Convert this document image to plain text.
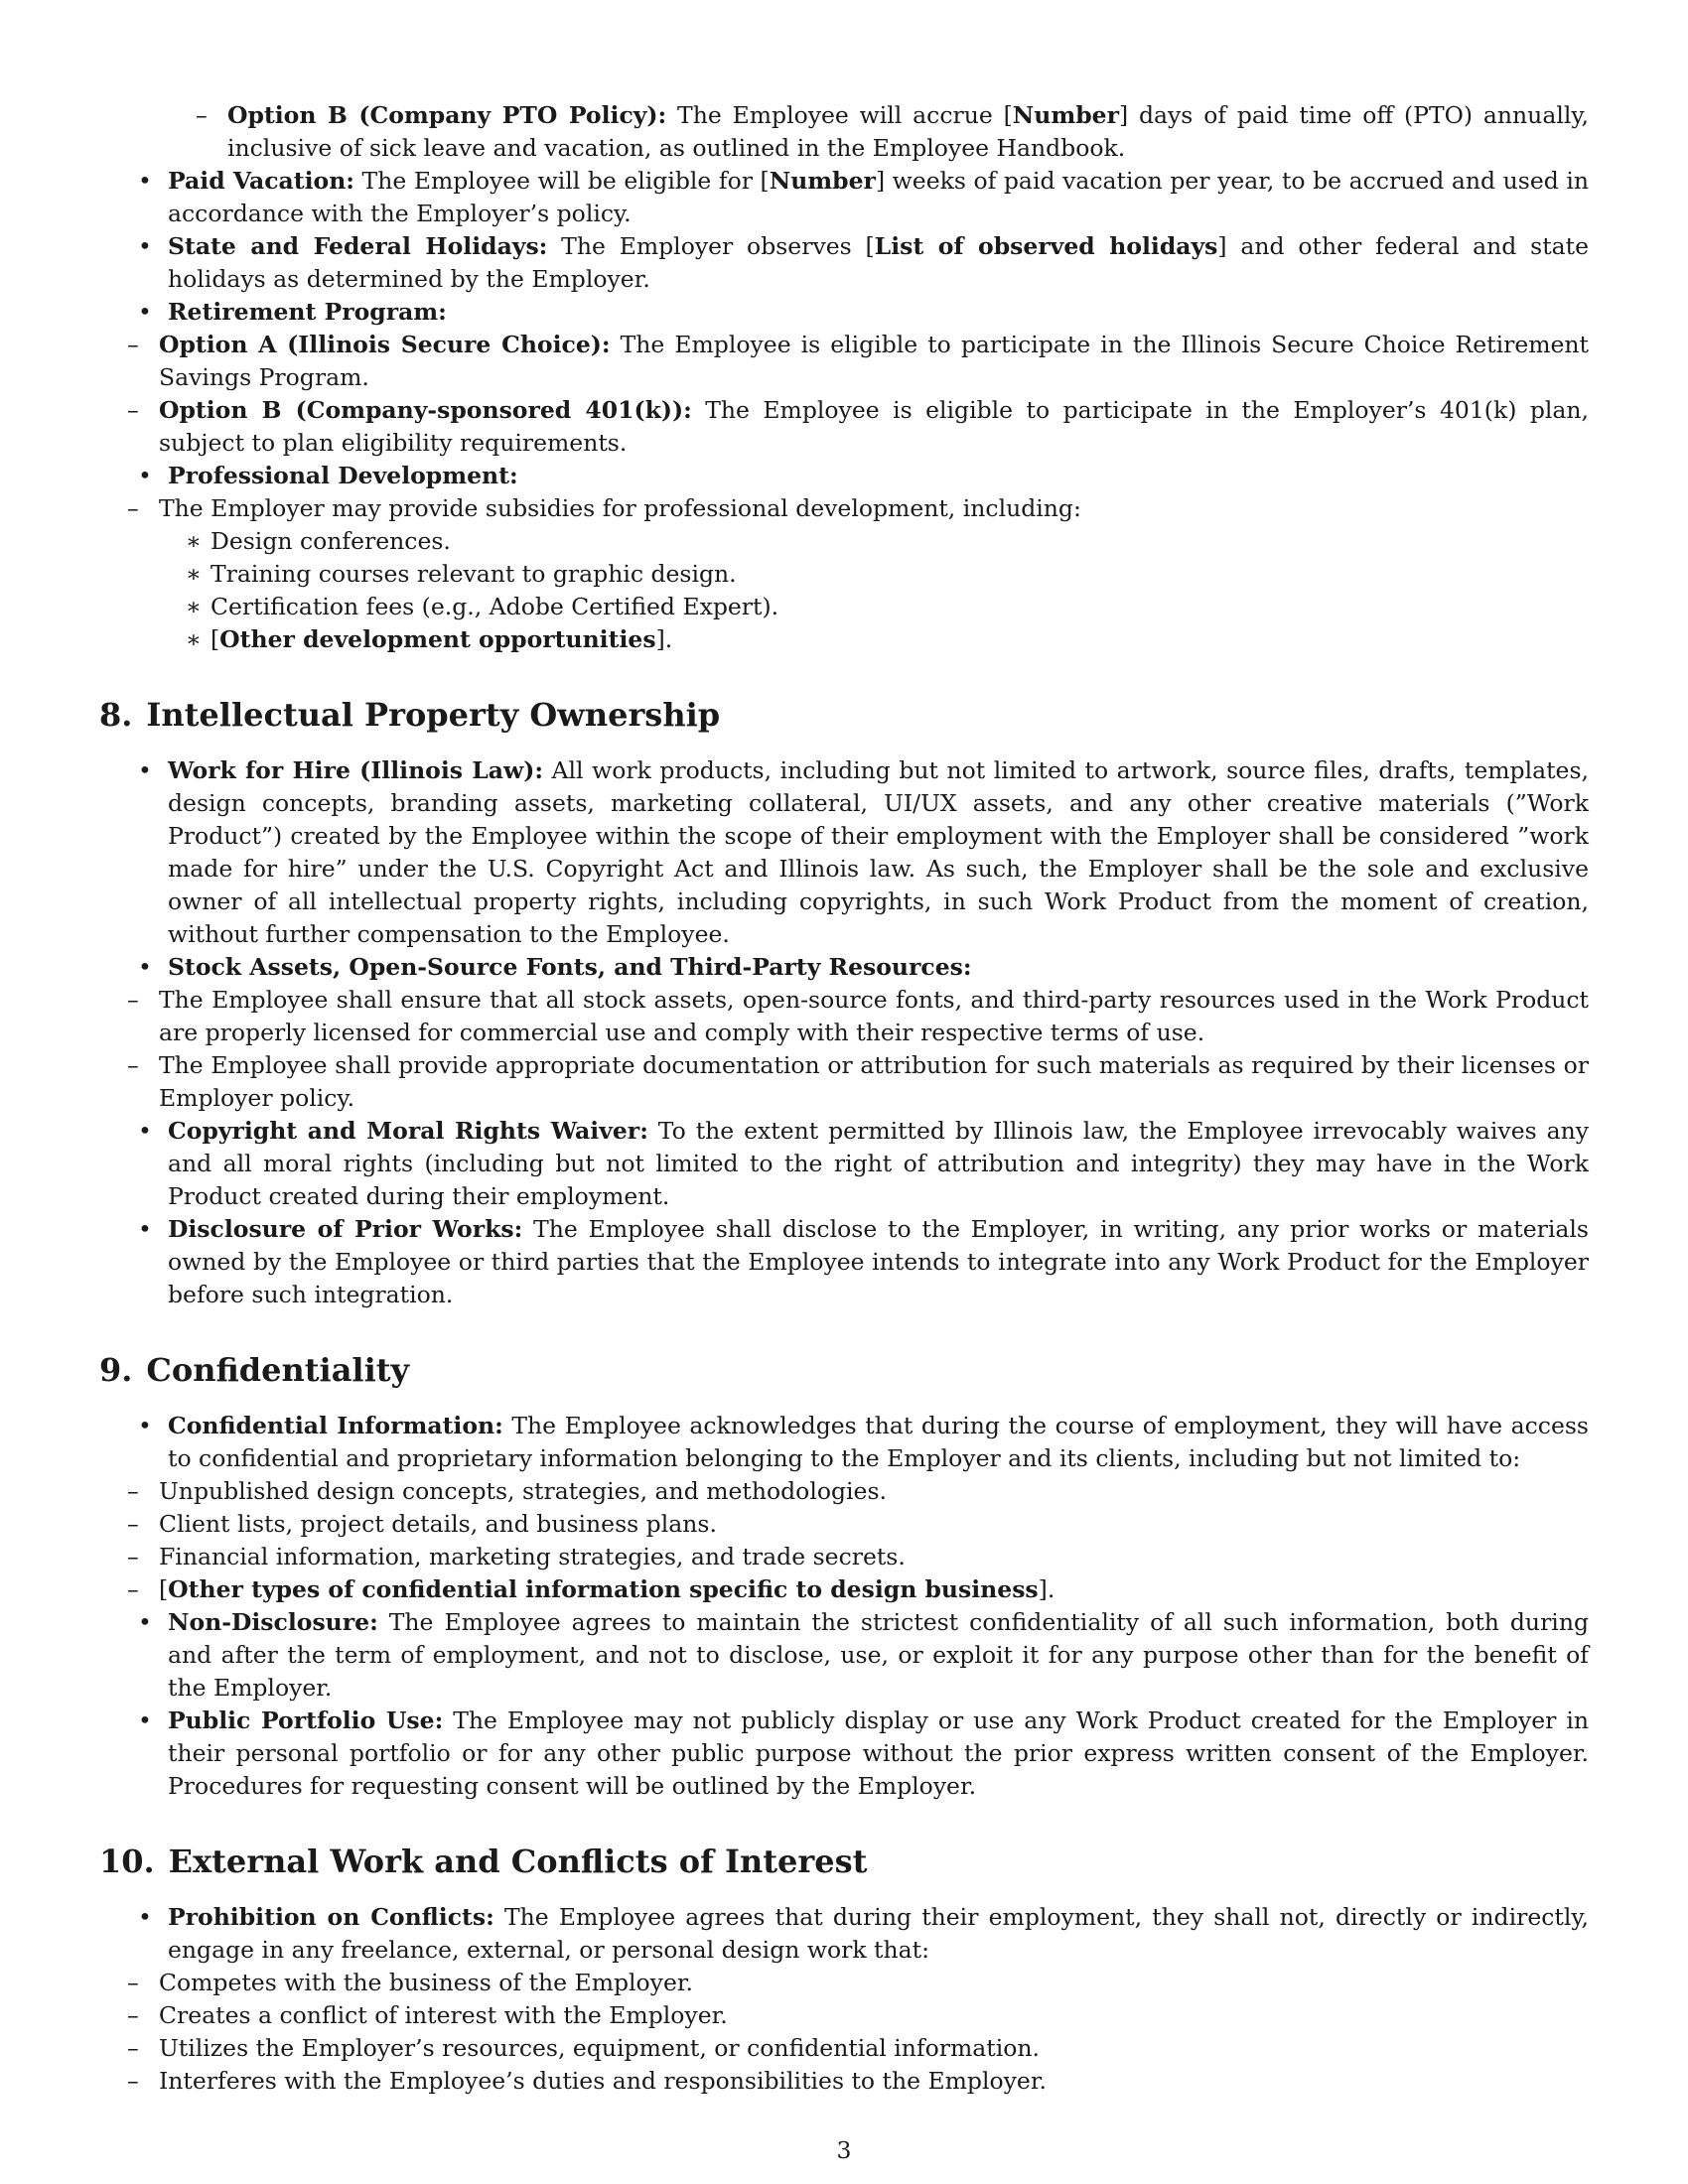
– Option B (Company PTO Policy): The Employee will accrue [Number] days of paid time off (PTO) annually, inclusive of sick leave and vacation, as outlined in the Employee Handbook.
• Paid Vacation: The Employee will be eligible for [Number] weeks of paid vacation per year, to be accrued and used in accordance with the Employer’s policy.
• State and Federal Holidays: The Employer observes [List of observed holidays] and other federal and state holidays as determined by the Employer.
• Retirement Program:
– Option A (Illinois Secure Choice): The Employee is eligible to participate in the Illinois Secure Choice Retirement Savings Program.
– Option B (Company-sponsored 401(k)): The Employee is eligible to participate in the Employer’s 401(k) plan, subject to plan eligibility requirements.
• Professional Development:
– The Employer may provide subsidies for professional development, including:
∗ Design conferences.
∗ Training courses relevant to graphic design.
∗ Certification fees (e.g., Adobe Certified Expert).
∗ [Other development opportunities].
8. Intellectual Property Ownership
• Work for Hire (Illinois Law): All work products, including but not limited to artwork, source files, drafts, templates, design concepts, branding assets, marketing collateral, UI/UX assets, and any other creative materials (”Work Product”) created by the Employee within the scope of their employment with the Employer shall be considered ”work made for hire” under the U.S. Copyright Act and Illinois law. As such, the Employer shall be the sole and exclusive owner of all intellectual property rights, including copyrights, in such Work Product from the moment of creation, without further compensation to the Employee.
• Stock Assets, Open-Source Fonts, and Third-Party Resources:
– The Employee shall ensure that all stock assets, open-source fonts, and third-party resources used in the Work Product are properly licensed for commercial use and comply with their respective terms of use.
– The Employee shall provide appropriate documentation or attribution for such materials as required by their licenses or Employer policy.
• Copyright and Moral Rights Waiver: To the extent permitted by Illinois law, the Employee irrevocably waives any and all moral rights (including but not limited to the right of attribution and integrity) they may have in the Work Product created during their employment.
• Disclosure of Prior Works: The Employee shall disclose to the Employer, in writing, any prior works or materials owned by the Employee or third parties that the Employee intends to integrate into any Work Product for the Employer before such integration.
9. Confidentiality
• Confidential Information: The Employee acknowledges that during the course of employment, they will have access to confidential and proprietary information belonging to the Employer and its clients, including but not limited to:
– Unpublished design concepts, strategies, and methodologies.
– Client lists, project details, and business plans.
– Financial information, marketing strategies, and trade secrets.
– [Other types of confidential information specific to design business].
• Non-Disclosure: The Employee agrees to maintain the strictest confidentiality of all such information, both during and after the term of employment, and not to disclose, use, or exploit it for any purpose other than for the benefit of the Employer.
• Public Portfolio Use: The Employee may not publicly display or use any Work Product created for the Employer in their personal portfolio or for any other public purpose without the prior express written consent of the Employer. Procedures for requesting consent will be outlined by the Employer.
10. External Work and Conflicts of Interest
• Prohibition on Conflicts: The Employee agrees that during their employment, they shall not, directly or indirectly, engage in any freelance, external, or personal design work that:
– Competes with the business of the Employer.
– Creates a conflict of interest with the Employer.
– Utilizes the Employer’s resources, equipment, or confidential information.
– Interferes with the Employee’s duties and responsibilities to the Employer.
3
